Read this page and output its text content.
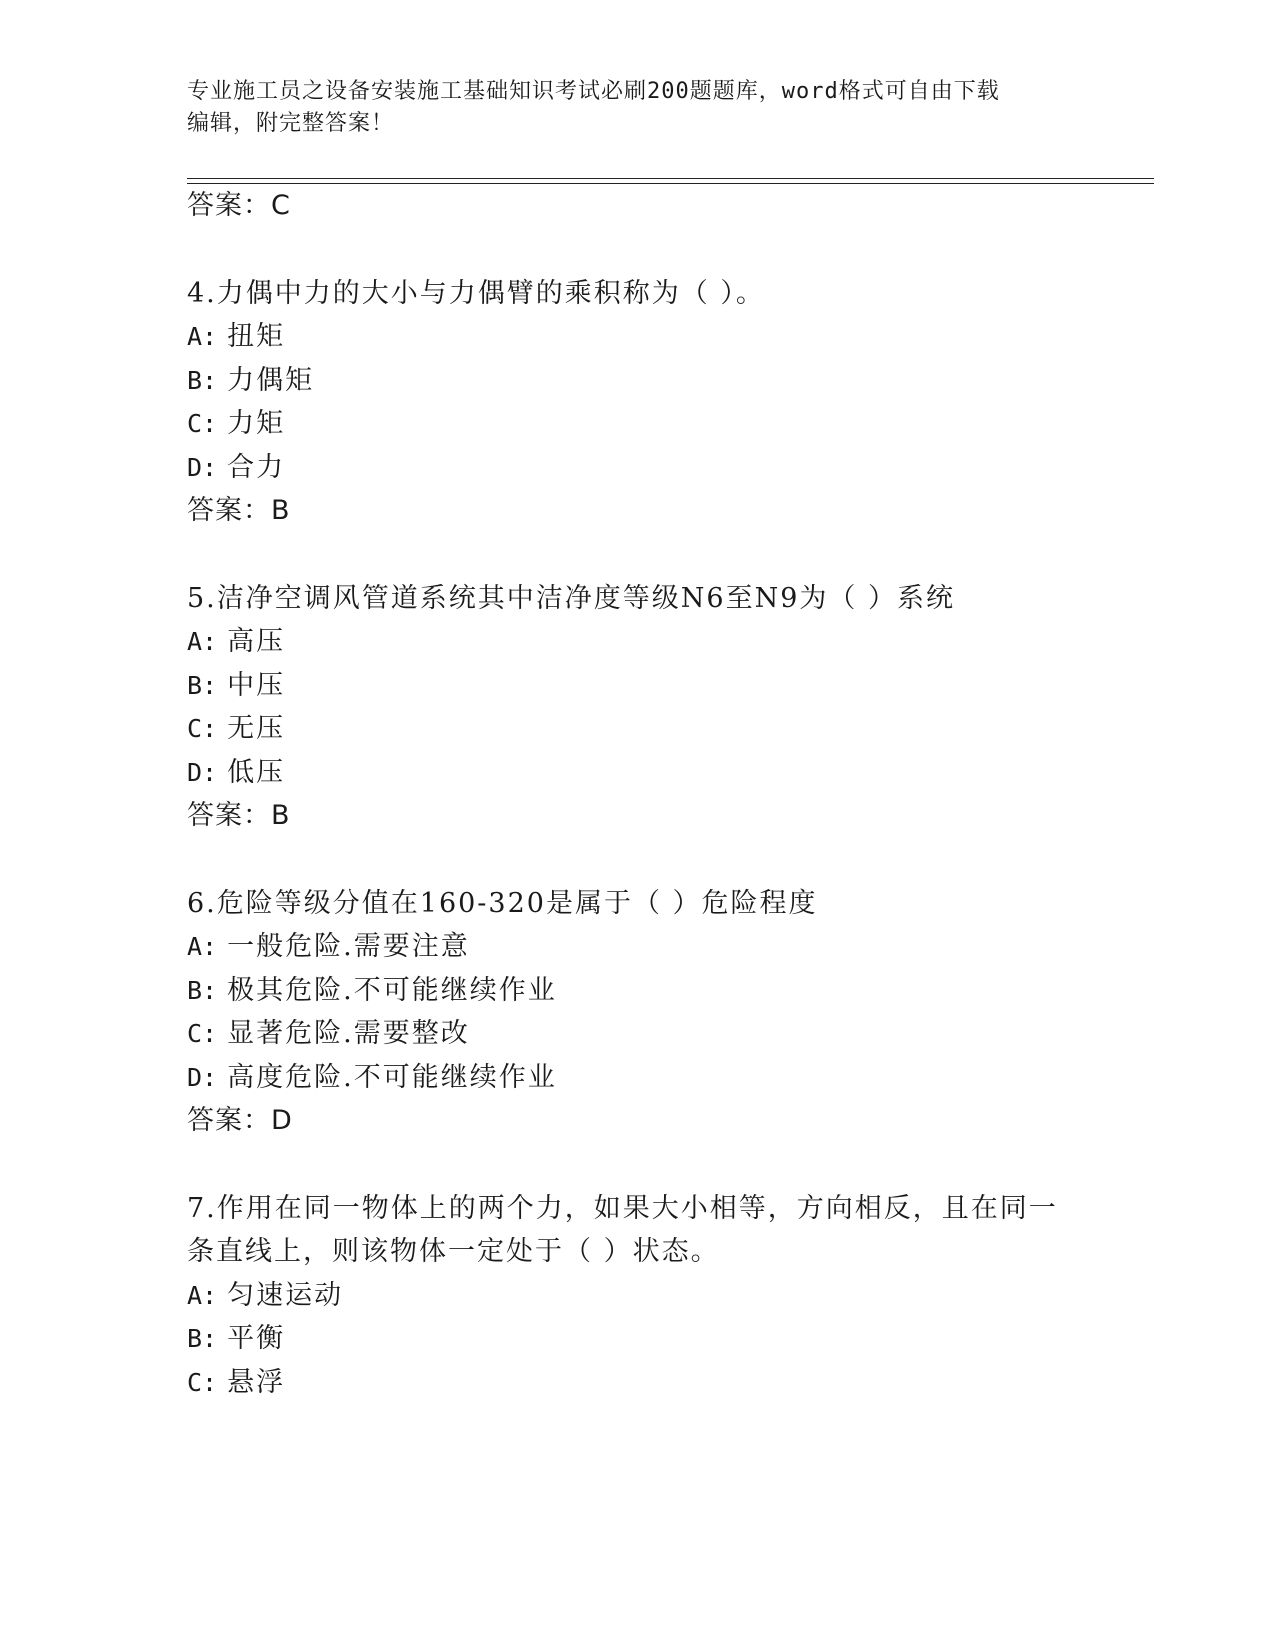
专业施工员之设备安装施工基础知识考试必刷200题题库，word格式可自由下载
编辑，附完整答案！
答案：C
4.力偶中力的大小与力偶臂的乘积称为（ ）。
A: 扭矩
B: 力偶矩
C: 力矩
D: 合力
答案：B
5.洁净空调风管道系统其中洁净度等级N6至N9为（ ）系统
A: 高压
B: 中压
C: 无压
D: 低压
答案：B
6.危险等级分值在160-320是属于（ ）危险程度
A: 一般危险.需要注意
B: 极其危险.不可能继续作业
C: 显著危险.需要整改
D: 高度危险.不可能继续作业
答案：D
7.作用在同一物体上的两个力，如果大小相等，方向相反，且在同一
条直线上，则该物体一定处于（ ）状态。
A: 匀速运动
B: 平衡
C: 悬浮
